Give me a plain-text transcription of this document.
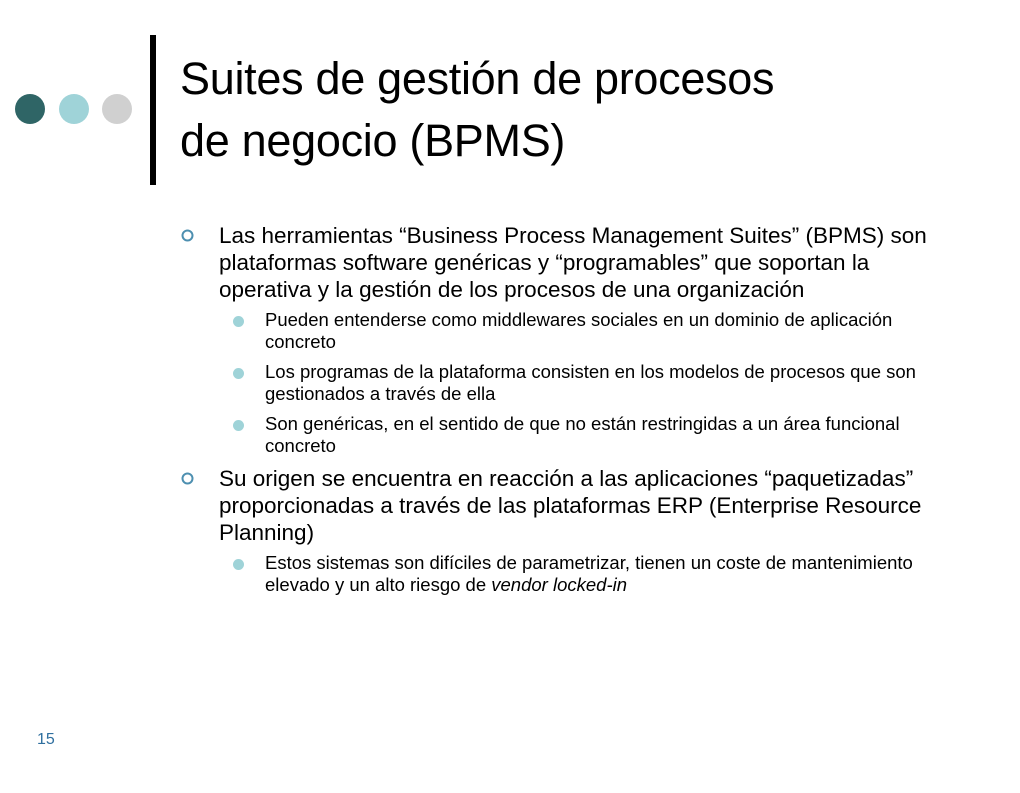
Suites de gestión de procesos
de negocio (BPMS)
Las herramientas “Business Process Management Suites” (BPMS) son plataformas software genéricas y “programables” que soportan la operativa y la gestión de los procesos de una organización
Pueden entenderse como middlewares sociales en un dominio de aplicación concreto
Los programas de la plataforma consisten en los modelos de procesos que son gestionados a través de ella
Son genéricas, en el sentido de que no están restringidas a un área funcional concreto
Su origen se encuentra en reacción a las aplicaciones “paquetizadas” proporcionadas a través de las plataformas ERP (Enterprise Resource Planning)
Estos sistemas son difíciles de parametrizar, tienen un coste de mantenimiento elevado y un alto riesgo de vendor locked-in
15
